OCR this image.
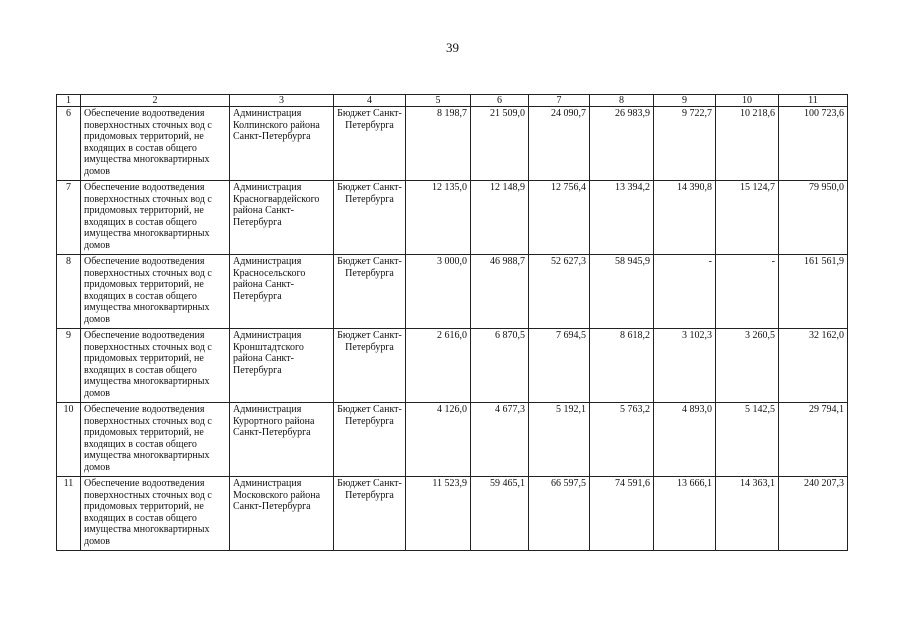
39
1	2	3	4	5	6	7	8	9	10	11
6	Обеспечение водоотведения поверхностных сточных вод с придомовых территорий, не входящих в состав общего имущества многоквартирных домов	Администрация Колпинского района Санкт-Петербурга	Бюджет Санкт-Петербурга	8 198,7	21 509,0	24 090,7	26 983,9	9 722,7	10 218,6	100 723,6
7	Обеспечение водоотведения поверхностных сточных вод с придомовых территорий, не входящих в состав общего имущества многоквартирных домов	Администрация Красногвардейского района Санкт-Петербурга	Бюджет Санкт-Петербурга	12 135,0	12 148,9	12 756,4	13 394,2	14 390,8	15 124,7	79 950,0
8	Обеспечение водоотведения поверхностных сточных вод с придомовых территорий, не входящих в состав общего имущества многоквартирных домов	Администрация Красносельского района Санкт-Петербурга	Бюджет Санкт-Петербурга	3 000,0	46 988,7	52 627,3	58 945,9	-	-	161 561,9
9	Обеспечение водоотведения поверхностных сточных вод с придомовых территорий, не входящих в состав общего имущества многоквартирных домов	Администрация Кронштадтского района Санкт-Петербурга	Бюджет Санкт-Петербурга	2 616,0	6 870,5	7 694,5	8 618,2	3 102,3	3 260,5	32 162,0
10	Обеспечение водоотведения поверхностных сточных вод с придомовых территорий, не входящих в состав общего имущества многоквартирных домов	Администрация Курортного района Санкт-Петербурга	Бюджет Санкт-Петербурга	4 126,0	4 677,3	5 192,1	5 763,2	4 893,0	5 142,5	29 794,1
11	Обеспечение водоотведения поверхностных сточных вод с придомовых территорий, не входящих в состав общего имущества многоквартирных домов	Администрация Московского района Санкт-Петербурга	Бюджет Санкт-Петербурга	11 523,9	59 465,1	66 597,5	74 591,6	13 666,1	14 363,1	240 207,3
